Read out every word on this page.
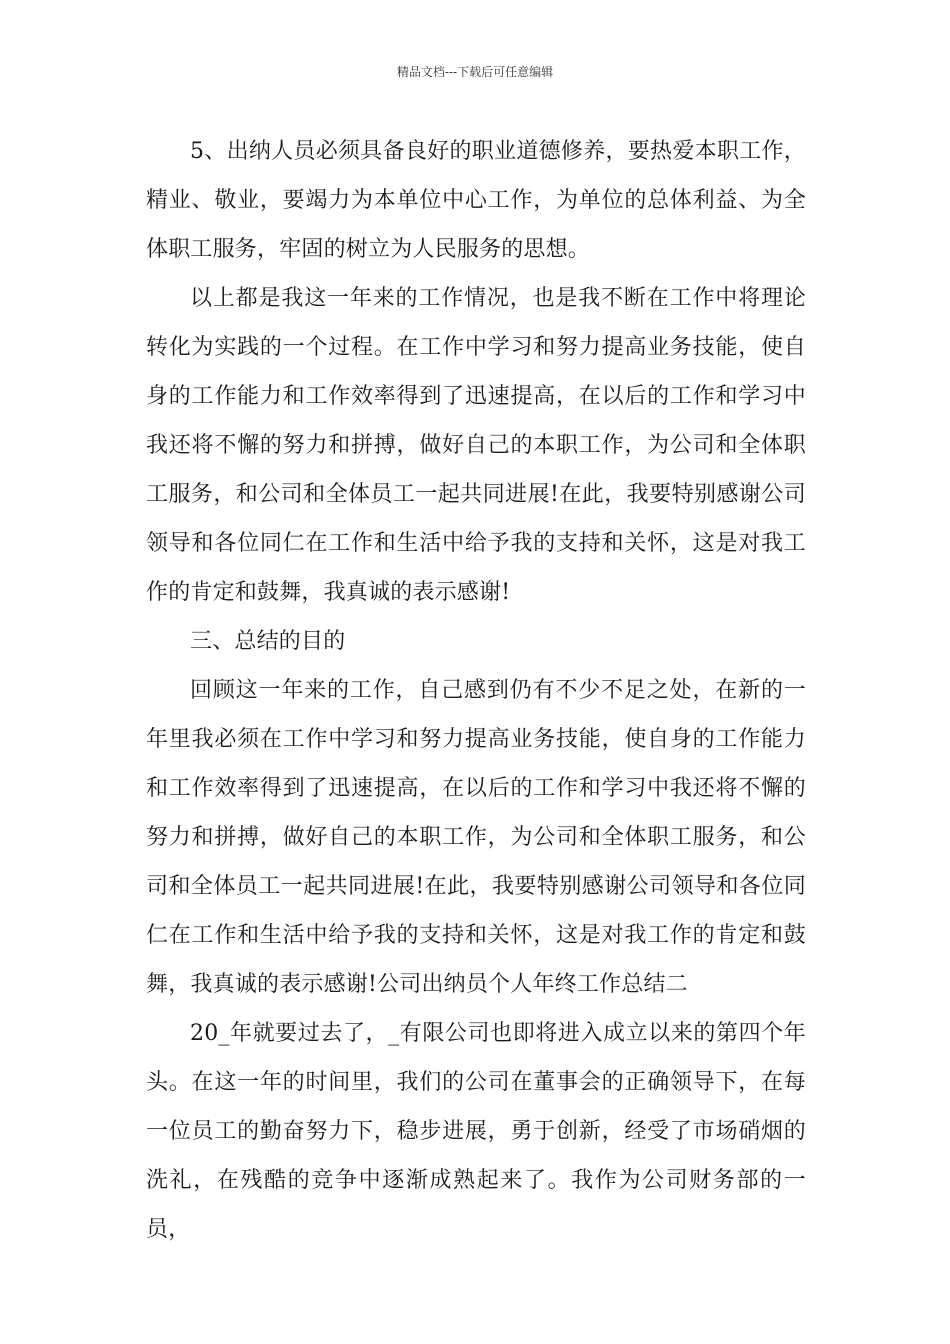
精品文档---下载后可任意编辑

5、出纳人员必须具备良好的职业道德修养，要热爱本职工作，精业、敬业，要竭力为本单位中心工作，为单位的总体利益、为全体职工服务，牢固的树立为人民服务的思想。

以上都是我这一年来的工作情况，也是我不断在工作中将理论转化为实践的一个过程。在工作中学习和努力提高业务技能，使自身的工作能力和工作效率得到了迅速提高，在以后的工作和学习中我还将不懈的努力和拼搏，做好自己的本职工作，为公司和全体职工服务，和公司和全体员工一起共同进展!在此，我要特别感谢公司领导和各位同仁在工作和生活中给予我的支持和关怀，这是对我工作的肯定和鼓舞，我真诚的表示感谢!

三、总结的目的

回顾这一年来的工作，自己感到仍有不少不足之处，在新的一年里我必须在工作中学习和努力提高业务技能，使自身的工作能力和工作效率得到了迅速提高，在以后的工作和学习中我还将不懈的努力和拼搏，做好自己的本职工作，为公司和全体职工服务，和公司和全体员工一起共同进展!在此，我要特别感谢公司领导和各位同仁在工作和生活中给予我的支持和关怀，这是对我工作的肯定和鼓舞，我真诚的表示感谢!公司出纳员个人年终工作总结二

20_年就要过去了，_有限公司也即将进入成立以来的第四个年头。在这一年的时间里，我们的公司在董事会的正确领导下，在每一位员工的勤奋努力下，稳步进展，勇于创新，经受了市场硝烟的洗礼，在残酷的竞争中逐渐成熟起来了。我作为公司财务部的一员，
